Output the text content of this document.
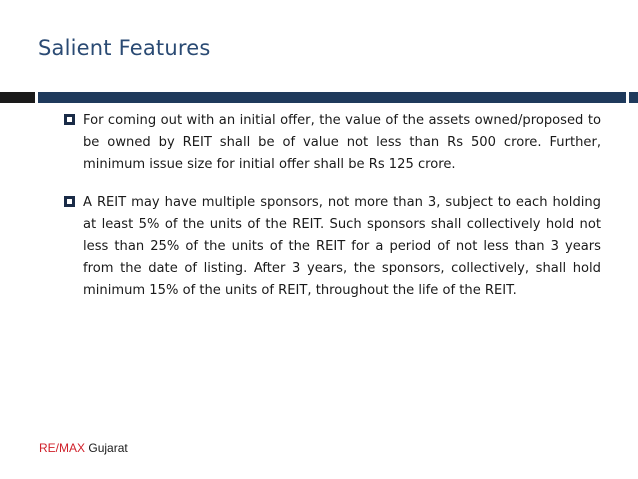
Salient Features

For coming out with an initial offer, the value of the assets owned/proposed to be owned by REIT shall be of value not less than Rs 500 crore. Further, minimum issue size for initial offer shall be Rs 125 crore.

A REIT may have multiple sponsors, not more than 3, subject to each holding at least 5% of the units of the REIT. Such sponsors shall collectively hold not less than 25% of the units of the REIT for a period of not less than 3 years from the date of listing. After 3 years, the sponsors, collectively, shall hold minimum 15% of the units of REIT, throughout the life of the REIT.

RE/MAX Gujarat
